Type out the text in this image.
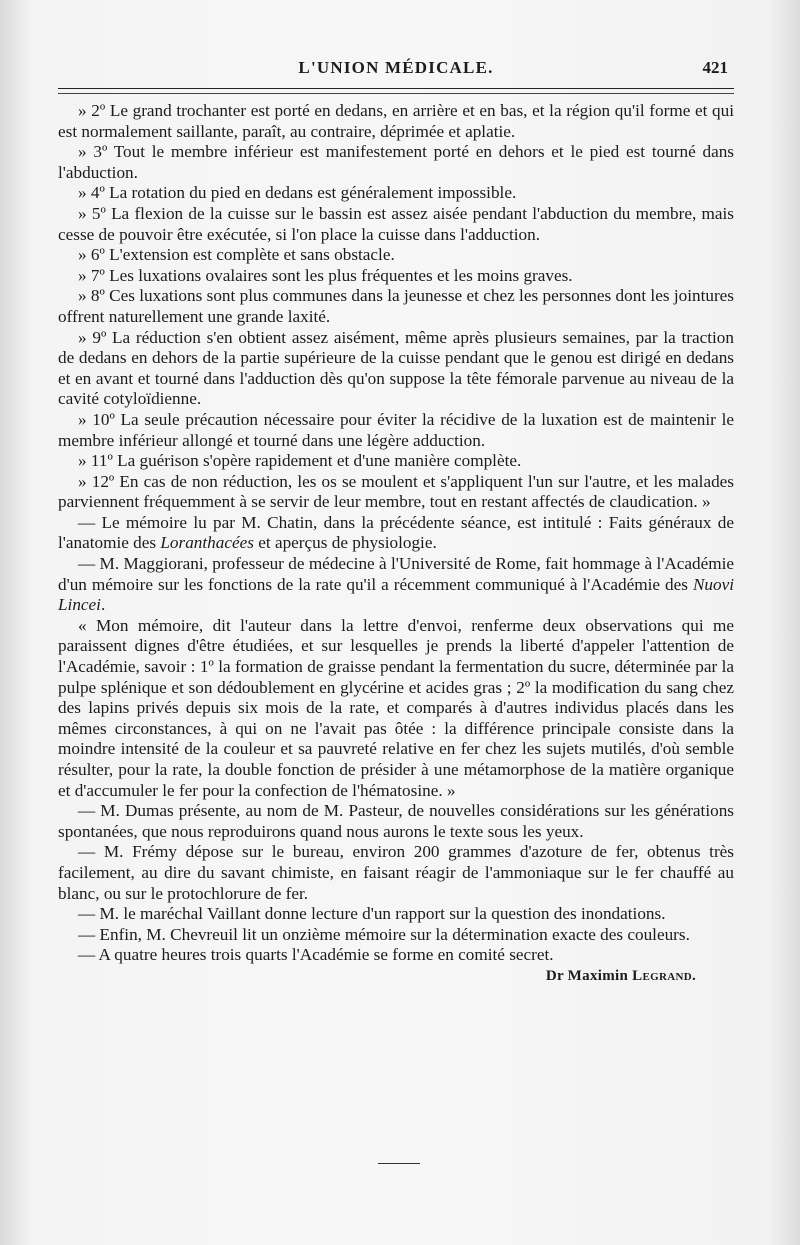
L'UNION MÉDICALE.	421

» 2º Le grand trochanter est porté en dedans, en arrière et en bas, et la région qu'il forme et qui est normalement saillante, paraît, au contraire, déprimée et aplatie.

» 3º Tout le membre inférieur est manifestement porté en dehors et le pied est tourné dans l'abduction.

» 4º La rotation du pied en dedans est généralement impossible.

» 5º La flexion de la cuisse sur le bassin est assez aisée pendant l'abduction du membre, mais cesse de pouvoir être exécutée, si l'on place la cuisse dans l'adduction.

» 6º L'extension est complète et sans obstacle.

» 7º Les luxations ovalaires sont les plus fréquentes et les moins graves.

» 8º Ces luxations sont plus communes dans la jeunesse et chez les personnes dont les jointures offrent naturellement une grande laxité.

» 9º La réduction s'en obtient assez aisément, même après plusieurs semaines, par la traction de dedans en dehors de la partie supérieure de la cuisse pendant que le genou est dirigé en dedans et en avant et tourné dans l'adduction dès qu'on suppose la tête fémorale parvenue au niveau de la cavité cotyloïdienne.

» 10º La seule précaution nécessaire pour éviter la récidive de la luxation est de maintenir le membre inférieur allongé et tourné dans une légère adduction.

» 11º La guérison s'opère rapidement et d'une manière complète.

» 12º En cas de non réduction, les os se moulent et s'appliquent l'un sur l'autre, et les malades parviennent fréquemment à se servir de leur membre, tout en restant affectés de claudication. »

— Le mémoire lu par M. Chatin, dans la précédente séance, est intitulé : Faits généraux de l'anatomie des Loranthacées et aperçus de physiologie.

— M. Maggiorani, professeur de médecine à l'Université de Rome, fait hommage à l'Académie d'un mémoire sur les fonctions de la rate qu'il a récemment communiqué à l'Académie des Nuovi Lincei.

« Mon mémoire, dit l'auteur dans la lettre d'envoi, renferme deux observations qui me paraissent dignes d'être étudiées, et sur lesquelles je prends la liberté d'appeler l'attention de l'Académie, savoir : 1º la formation de graisse pendant la fermentation du sucre, déterminée par la pulpe splénique et son dédoublement en glycérine et acides gras ; 2º la modification du sang chez des lapins privés depuis six mois de la rate, et comparés à d'autres individus placés dans les mêmes circonstances, à qui on ne l'avait pas ôtée : la différence principale consiste dans la moindre intensité de la couleur et sa pauvreté relative en fer chez les sujets mutilés, d'où semble résulter, pour la rate, la double fonction de présider à une métamorphose de la matière organique et d'accumuler le fer pour la confection de l'hématosine. »

— M. Dumas présente, au nom de M. Pasteur, de nouvelles considérations sur les générations spontanées, que nous reproduirons quand nous aurons le texte sous les yeux.

— M. Frémy dépose sur le bureau, environ 200 grammes d'azoture de fer, obtenus très facilement, au dire du savant chimiste, en faisant réagir de l'ammoniaque sur le fer chauffé au blanc, ou sur le protochlorure de fer.

— M. le maréchal Vaillant donne lecture d'un rapport sur la question des inondations.

— Enfin, M. Chevreuil lit un onzième mémoire sur la détermination exacte des couleurs.

— A quatre heures trois quarts l'Académie se forme en comité secret.

Dr Maximin Legrand.
